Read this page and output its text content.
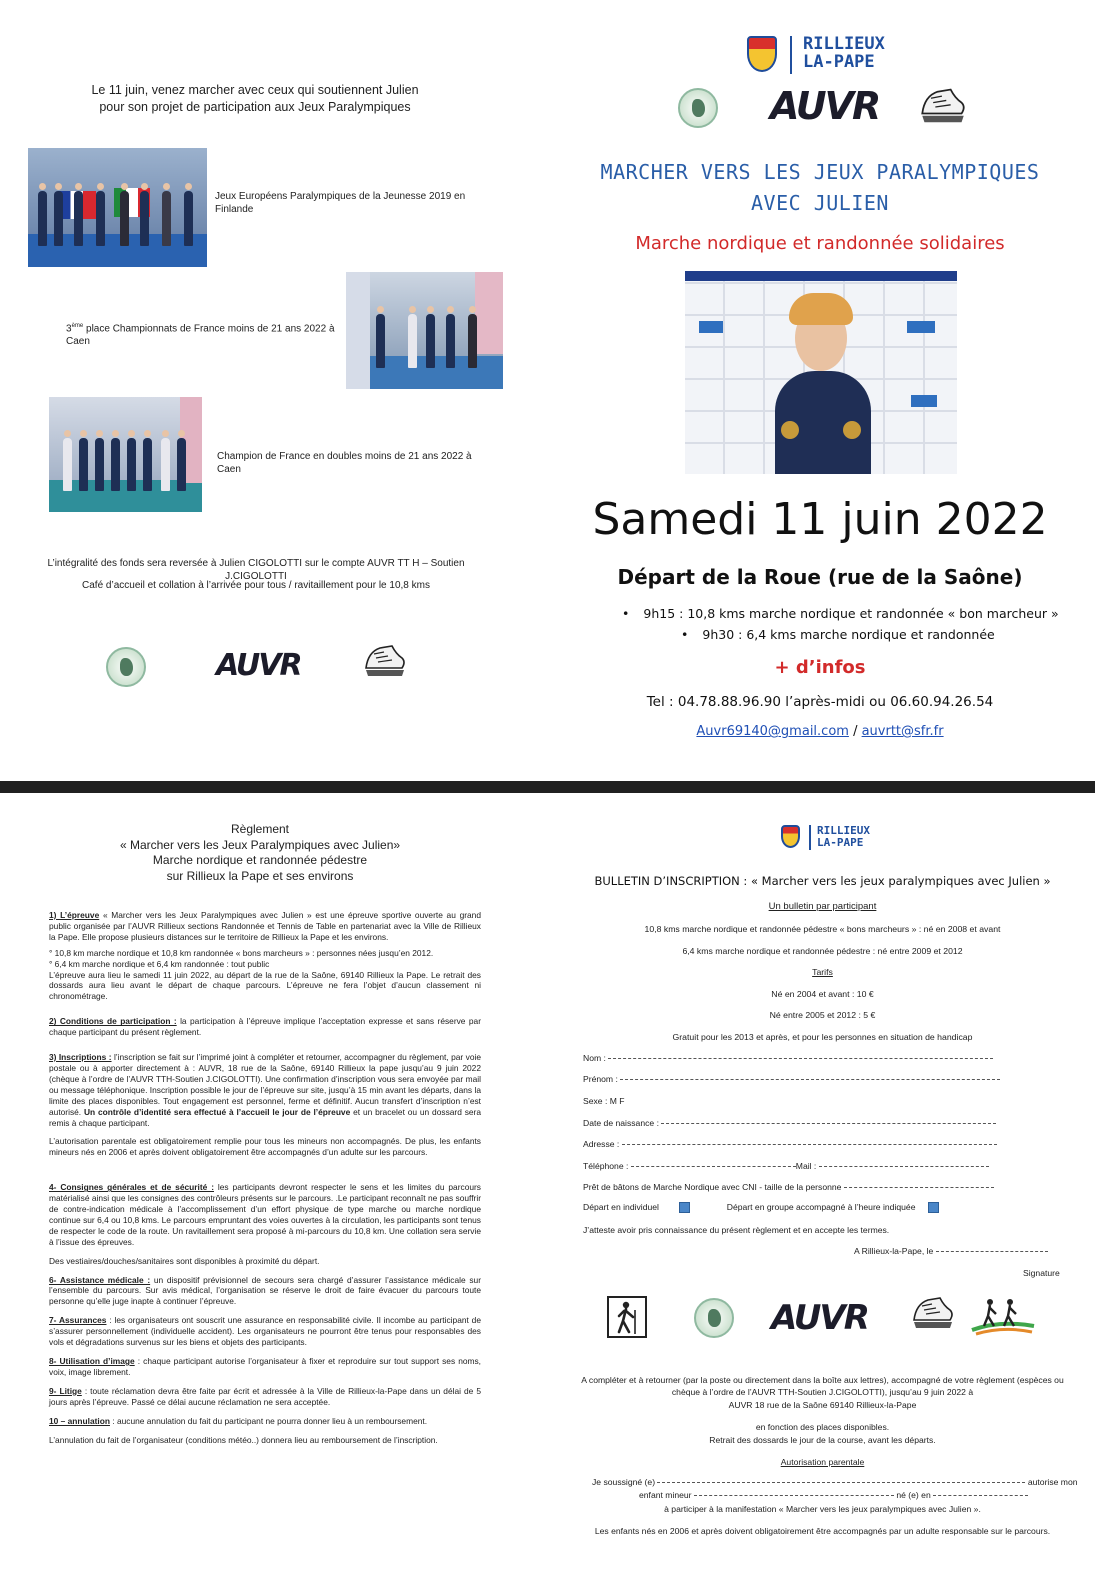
Le 11 juin, venez marcher avec ceux qui soutiennent Julien
pour son projet de participation aux Jeux Paralympiques
Jeux Européens Paralympiques de la Jeunesse 2019 en Finlande
3ème place Championnats de France moins de 21 ans 2022 à Caen
Champion de France en doubles moins de 21 ans 2022 à Caen
L’intégralité des fonds sera reversée à Julien CIGOLOTTI sur le compte AUVR TT H – Soutien J.CIGOLOTTI
Café d’accueil et collation à l’arrivée pour tous / ravitaillement pour le 10,8 kms
AUVR
RILLIEUX
LA-PAPE
AUVR
MARCHER VERS LES JEUX PARALYMPIQUES
AVEC JULIEN
Marche nordique et randonnée solidaires
Samedi 11 juin 2022
Départ de la Roue (rue de la Saône)
• 9h15 : 10,8 kms marche nordique et randonnée « bon marcheur »
• 9h30 : 6,4 kms marche nordique et randonnée
+ d’infos
Tel : 04.78.88.96.90 l’après-midi ou 06.60.94.26.54
Auvr69140@gmail.com / auvrtt@sfr.fr
Règlement
« Marcher vers les Jeux Paralympiques avec Julien»
Marche nordique et randonnée pédestre
sur Rillieux la Pape et ses environs

1) L’épreuve « Marcher vers les Jeux Paralympiques avec Julien » est une épreuve sportive ouverte au grand public organisée par l’AUVR Rillieux sections Randonnée et Tennis de Table en partenariat avec la Ville de Rillieux la Pape. Elle propose plusieurs distances sur le territoire de Rillieux la Pape et les environs.

° 10,8 km marche nordique et 10,8 km randonnée « bons marcheurs » : personnes nées jusqu’en 2012.

° 6,4 km marche nordique et 6,4 km randonnée : tout public

L’épreuve aura lieu le samedi 11 juin 2022, au départ de la rue de la Saône, 69140 Rillieux la Pape. Le retrait des dossards aura lieu avant le départ de chaque parcours. L’épreuve ne fera l’objet d’aucun classement ni chronométrage.

2) Conditions de participation : la participation à l’épreuve implique l’acceptation expresse et sans réserve par chaque participant du présent règlement.

3) Inscriptions : l’inscription se fait sur l’imprimé joint à compléter et retourner, accompagner du règlement, par voie postale ou à apporter directement à : AUVR, 18 rue de la Saône, 69140 Rillieux la pape jusqu’au 9 juin 2022 (chèque à l’ordre de l’AUVR TTH-Soutien J.CIGOLOTTI). Une confirmation d’inscription vous sera envoyée par mail ou message téléphonique. Inscription possible le jour de l’épreuve sur site, jusqu’à 15 min avant les départs, dans la limite des places disponibles. Tout engagement est personnel, ferme et définitif. Aucun transfert d’inscription n’est autorisé. Un contrôle d’identité sera effectué à l’accueil le jour de l’épreuve et un bracelet ou un dossard sera remis à chaque participant.

L’autorisation parentale est obligatoirement remplie pour tous les mineurs non accompagnés. De plus, les enfants mineurs nés en 2006 et après doivent obligatoirement être accompagnés d’un adulte sur les parcours.

4- Consignes générales et de sécurité : les participants devront respecter le sens et les limites du parcours matérialisé ainsi que les consignes des contrôleurs présents sur le parcours. .Le participant reconnaît ne pas souffrir de contre-indication médicale à l’accomplissement d’un effort physique de type marche ou marche nordique continue sur 6,4 ou 10,8 kms. Le parcours empruntant des voies ouvertes à la circulation, les participants sont tenus de respecter le code de la route. Un ravitaillement sera proposé à mi-parcours du 10,8 km. Une collation sera servie à l’issue des épreuves.

Des vestiaires/douches/sanitaires sont disponibles à proximité du départ.

6- Assistance médicale : un dispositif prévisionnel de secours sera chargé d’assurer l’assistance médicale sur l’ensemble du parcours. Sur avis médical, l’organisation se réserve le droit de faire évacuer du parcours toute personne qu’elle juge inapte à continuer l’épreuve.

7- Assurances : les organisateurs ont souscrit une assurance en responsabilité civile. Il incombe au participant de s’assurer personnellement (individuelle accident). Les organisateurs ne pourront être tenus pour responsables des vols et dégradations survenus sur les biens et objets des participants.

8- Utilisation d’image : chaque participant autorise l’organisateur à fixer et reproduire sur tout support ses noms, voix, image librement.

9- Litige : toute réclamation devra être faite par écrit et adressée à la Ville de Rillieux-la-Pape dans un délai de 5 jours après l’épreuve. Passé ce délai aucune réclamation ne sera acceptée.

10 – annulation : aucune annulation du fait du participant ne pourra donner lieu à un remboursement.

L’annulation du fait de l’organisateur (conditions météo..) donnera lieu au remboursement de l’inscription.

RILLIEUX
LA-PAPE
BULLETIN D’INSCRIPTION : « Marcher vers les jeux paralympiques avec Julien »
Un bulletin par participant
10,8 kms marche nordique et randonnée pédestre « bons marcheurs » : né en 2008 et avant
6,4 kms marche nordique et randonnée pédestre : né entre 2009 et 2012
Tarifs
Né en 2004 et avant : 10 €
Né entre 2005 et 2012 : 5 €
Gratuit pour les 2013 et après, et pour les personnes en situation de handicap
Nom :
Prénom :
Sexe : M F
Date de naissance :
Adresse :
Téléphone :	Mail :
Prêt de bâtons de Marche Nordique avec CNI - taille de la personne
Départ en individuel	Départ en groupe accompagné à l’heure indiquée
J’atteste avoir pris connaissance du présent règlement et en accepte les termes.
A Rillieux-la-Pape, le
Signature
AUVR
A compléter et à retourner (par la poste ou directement dans la boîte aux lettres), accompagné de votre règlement (espèces ou chèque à l’ordre de l’AUVR TTH-Soutien J.CIGOLOTTI), jusqu’au 9 juin 2022 à
AUVR 18 rue de la Saône 69140 Rillieux-la-Pape
en fonction des places disponibles.
Retrait des dossards le jour de la course, avant les départs.
Autorisation parentale
Je soussigné (e)	autorise mon
enfant mineur	né (e) en
à participer à la manifestation « Marcher vers les jeux paralympiques avec Julien ».
Les enfants nés en 2006 et après doivent obligatoirement être accompagnés par un adulte responsable sur le parcours.
